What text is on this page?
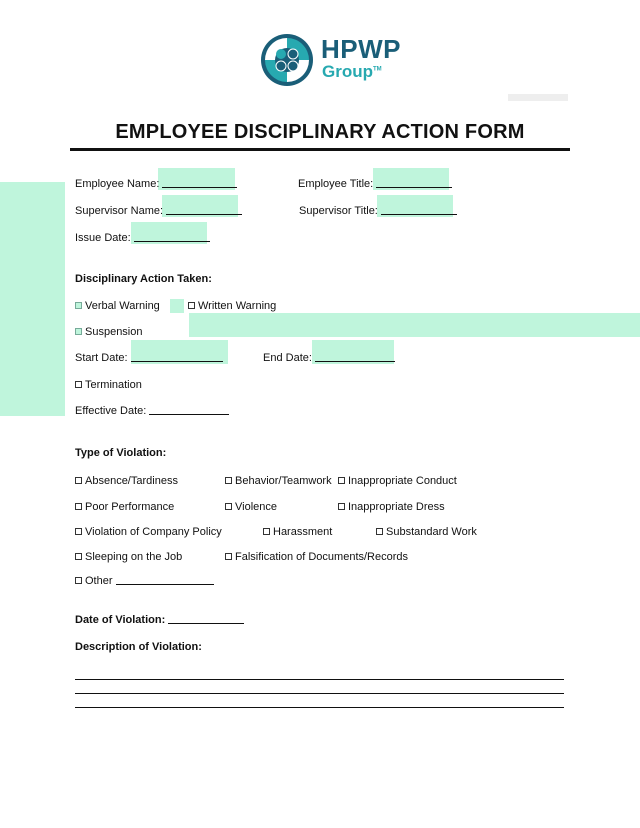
HPWP
Group™
EMPLOYEE DISCIPLINARY ACTION FORM
Employee Name:	Employee Title:
Supervisor Name:	Supervisor Title:
Issue Date:
Disciplinary Action Taken:
Verbal Warning	Written Warning
Suspension
Start Date:	End Date:
Termination
Effective Date:
Type of Violation:
Absence/Tardiness	Behavior/Teamwork	Inappropriate Conduct
Poor Performance	Violence	Inappropriate Dress
Violation of Company Policy	Harassment	Substandard Work
Sleeping on the Job	Falsification of Documents/Records
Other
Date of Violation:
Description of Violation:
